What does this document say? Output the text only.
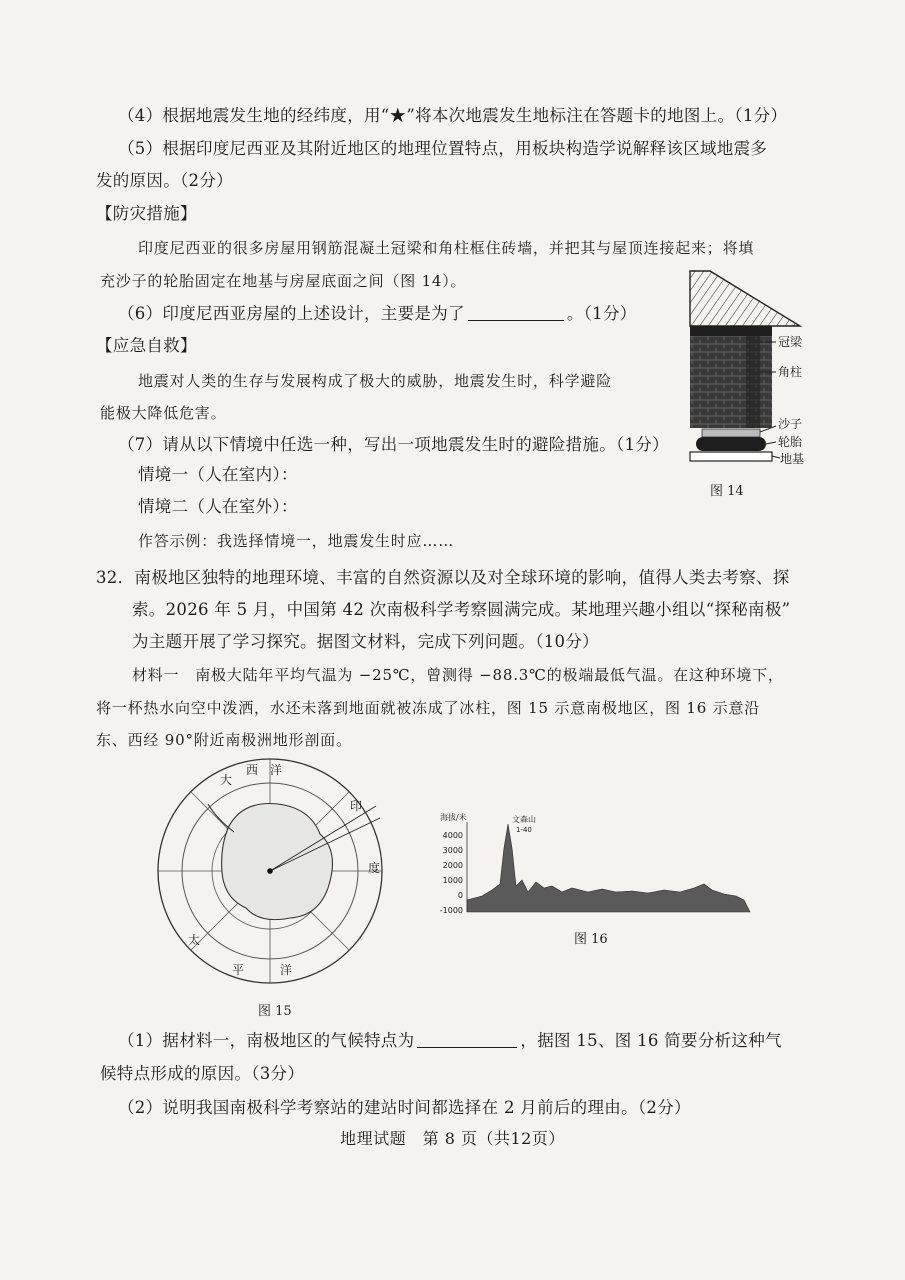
（4）根据地震发生地的经纬度，用“★”将本次地震发生地标注在答题卡的地图上。（1分）
（5）根据印度尼西亚及其附近地区的地理位置特点，用板块构造学说解释该区域地震多
发的原因。（2分）
【防灾措施】
印度尼西亚的很多房屋用钢筋混凝土冠梁和角柱框住砖墙，并把其与屋顶连接起来；将填
充沙子的轮胎固定在地基与房屋底面之间（图 14）。
（6）印度尼西亚房屋的上述设计，主要是为了	。（1分）
【应急自救】
地震对人类的生存与发展构成了极大的威胁，地震发生时，科学避险
能极大降低危害。
（7）请从以下情境中任选一种，写出一项地震发生时的避险措施。（1分）
情境一（人在室内）：
情境二（人在室外）：
作答示例：我选择情境一，地震发生时应……
冠梁
角柱
沙子
轮胎
地基
图 14
32．南极地区独特的地理环境、丰富的自然资源以及对全球环境的影响，值得人类去考察、探
索。2026 年 5 月，中国第 42 次南极科学考察圆满完成。某地理兴趣小组以“探秘南极”
为主题开展了学习探究。据图文材料，完成下列问题。（10分）
材料一　南极大陆年平均气温为 −25℃，曾测得 −88.3℃的极端最低气温。在这种环境下，
将一杯热水向空中泼洒，水还未落到地面就被冻成了冰柱，图 15 示意南极地区，图 16 示意沿
东、西经 90°附近南极洲地形剖面。
大
西 洋
印
度
太
平	洋
图 15
海拔/米
4000
3000
2000
1000
0
-1000
文森山
1-40
图 16
（1）据材料一，南极地区的气候特点为	，据图 15、图 16 简要分析这种气
候特点形成的原因。（3分）
（2）说明我国南极科学考察站的建站时间都选择在 2 月前后的理由。（2分）
地理试题　第 8 页（共12页）
